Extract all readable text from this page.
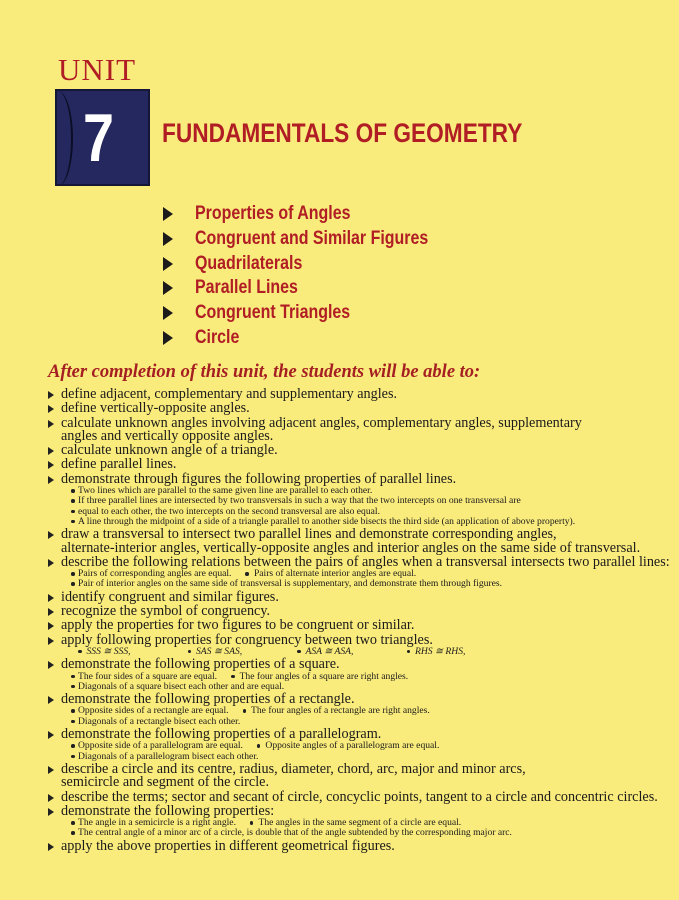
UNIT
7 FUNDAMENTALS OF GEOMETRY
Properties of Angles
Congruent and Similar Figures
Quadrilaterals
Parallel Lines
Congruent Triangles
Circle
After completion of this unit, the students will be able to:
define adjacent, complementary and supplementary angles.
define vertically-opposite angles.
calculate unknown angles involving adjacent angles, complementary angles, supplementary
angles and vertically opposite angles.
calculate unknown angle of a triangle.
define parallel lines.
demonstrate through figures the following properties of parallel lines.
Two lines which are parallel to the same given line are parallel to each other.
If three parallel lines are intersected by two transversals in such a way that the two intercepts on one transversal are
equal to each other, the two intercepts on the second transversal are also equal.
A line through the midpoint of a side of a triangle parallel to another side bisects the third side (an application of above property).
draw a transversal to intersect two parallel lines and demonstrate corresponding angles,
alternate-interior angles, vertically-opposite angles and interior angles on the same side of transversal.
describe the following relations between the pairs of angles when a transversal intersects two parallel lines:
Pairs of corresponding angles are equal. Pairs of alternate interior angles are equal.
Pair of interior angles on the same side of transversal is supplementary, and demonstrate them through figures.
identify congruent and similar figures.
recognize the symbol of congruency.
apply the properties for two figures to be congruent or similar.
apply following properties for congruency between two triangles.
SSS ≅ SSS,	SAS ≅ SAS,	ASA ≅ ASA,	RHS ≅ RHS,
demonstrate the following properties of a square.
The four sides of a square are equal. The four angles of a square are right angles.
Diagonals of a square bisect each other and are equal.
demonstrate the following properties of a rectangle.
Opposite sides of a rectangle are equal. The four angles of a rectangle are right angles.
Diagonals of a rectangle bisect each other.
demonstrate the following properties of a parallelogram.
Opposite side of a parallelogram are equal. Opposite angles of a parallelogram are equal.
Diagonals of a parallelogram bisect each other.
describe a circle and its centre, radius, diameter, chord, arc, major and minor arcs,
semicircle and segment of the circle.
describe the terms; sector and secant of circle, concyclic points, tangent to a circle and concentric circles.
demonstrate the following properties:
The angle in a semicircle is a right angle. The angles in the same segment of a circle are equal.
The central angle of a minor arc of a circle, is double that of the angle subtended by the corresponding major arc.
apply the above properties in different geometrical figures.
